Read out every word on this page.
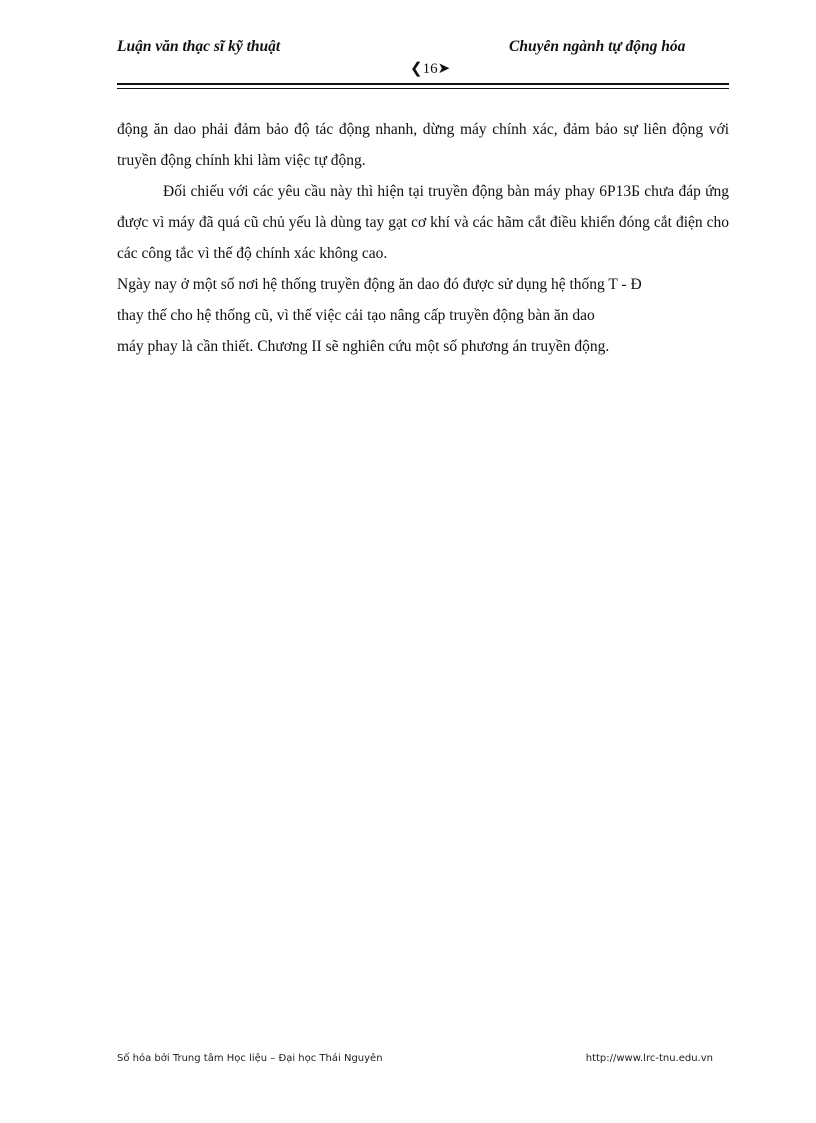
Luận văn thạc sĩ kỹ thuật	Chuyên ngành tự động hóa
❮16➤

động ăn dao phải đảm bảo độ tác động nhanh, dừng máy chính xác, đảm bảo sự liên động với truyền động chính khi làm việc tự động.

Đối chiếu với các yêu cầu này thì hiện tại truyền động bàn máy phay 6P13Б chưa đáp ứng được vì máy đã quá cũ chủ yếu là dùng tay gạt cơ khí và các hãm cắt điều khiển đóng cắt điện cho các công tắc vì thế độ chính xác không cao.

Ngày nay ở một số nơi hệ thống truyền động ăn dao đó được sử dụng hệ thống T - Đ

thay thế cho hệ thống cũ, vì thế việc cải tạo nâng cấp truyền động bàn ăn dao

máy phay là cần thiết. Chương II sẽ nghiên cứu một số phương án truyền động.

Số hóa bởi Trung tâm Học liệu – Đại học Thái Nguyên	http://www.lrc-tnu.edu.vn
